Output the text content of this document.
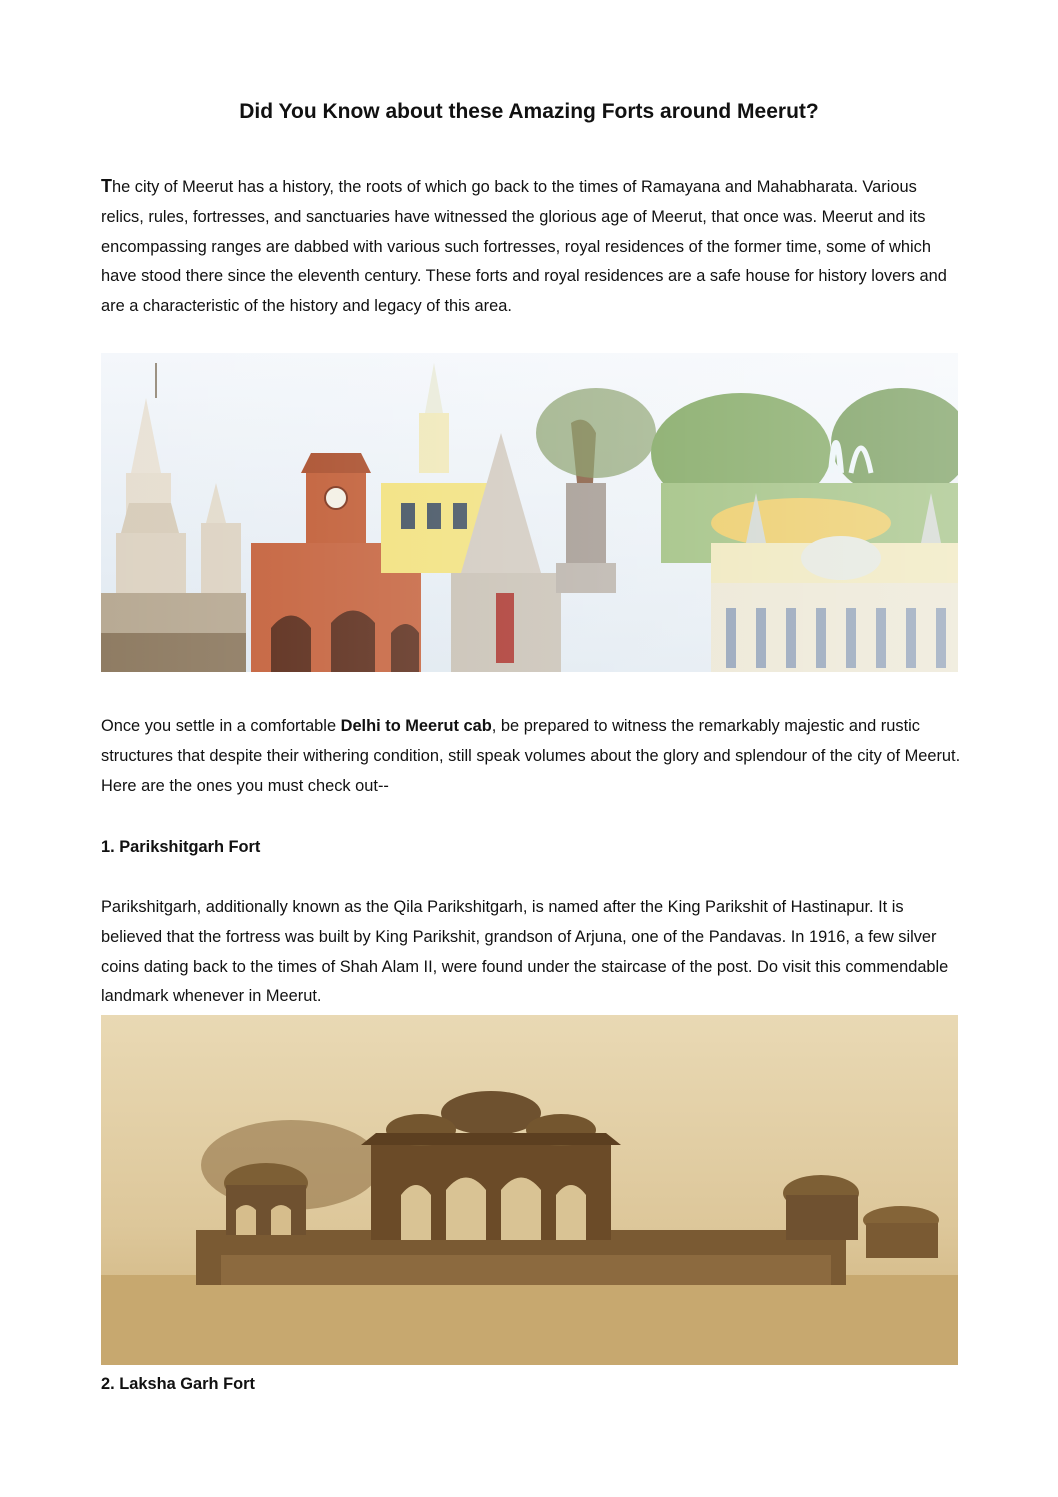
Did You Know about these Amazing Forts around Meerut?

The city of Meerut has a history, the roots of which go back to the times of Ramayana and Mahabharata. Various relics, rules, fortresses, and sanctuaries have witnessed the glorious age of Meerut, that once was. Meerut and its encompassing ranges are dabbed with various such fortresses, royal residences of the former time, some of which have stood there since the eleventh century. These forts and royal residences are a safe house for history lovers and are a characteristic of the history and legacy of this area.

Once you settle in a comfortable Delhi to Meerut cab, be prepared to witness the remarkably majestic and rustic structures that despite their withering condition, still speak volumes about the glory and splendour of the city of Meerut. Here are the ones you must check out--

1. Parikshitgarh Fort

Parikshitgarh, additionally known as the Qila Parikshitgarh, is named after the King Parikshit of Hastinapur. It is believed that the fortress was built by King Parikshit, grandson of Arjuna, one of the Pandavas. In 1916, a few silver coins dating back to the times of Shah Alam II, were found under the staircase of the post. Do visit this commendable landmark whenever in Meerut.

2. Laksha Garh Fort
